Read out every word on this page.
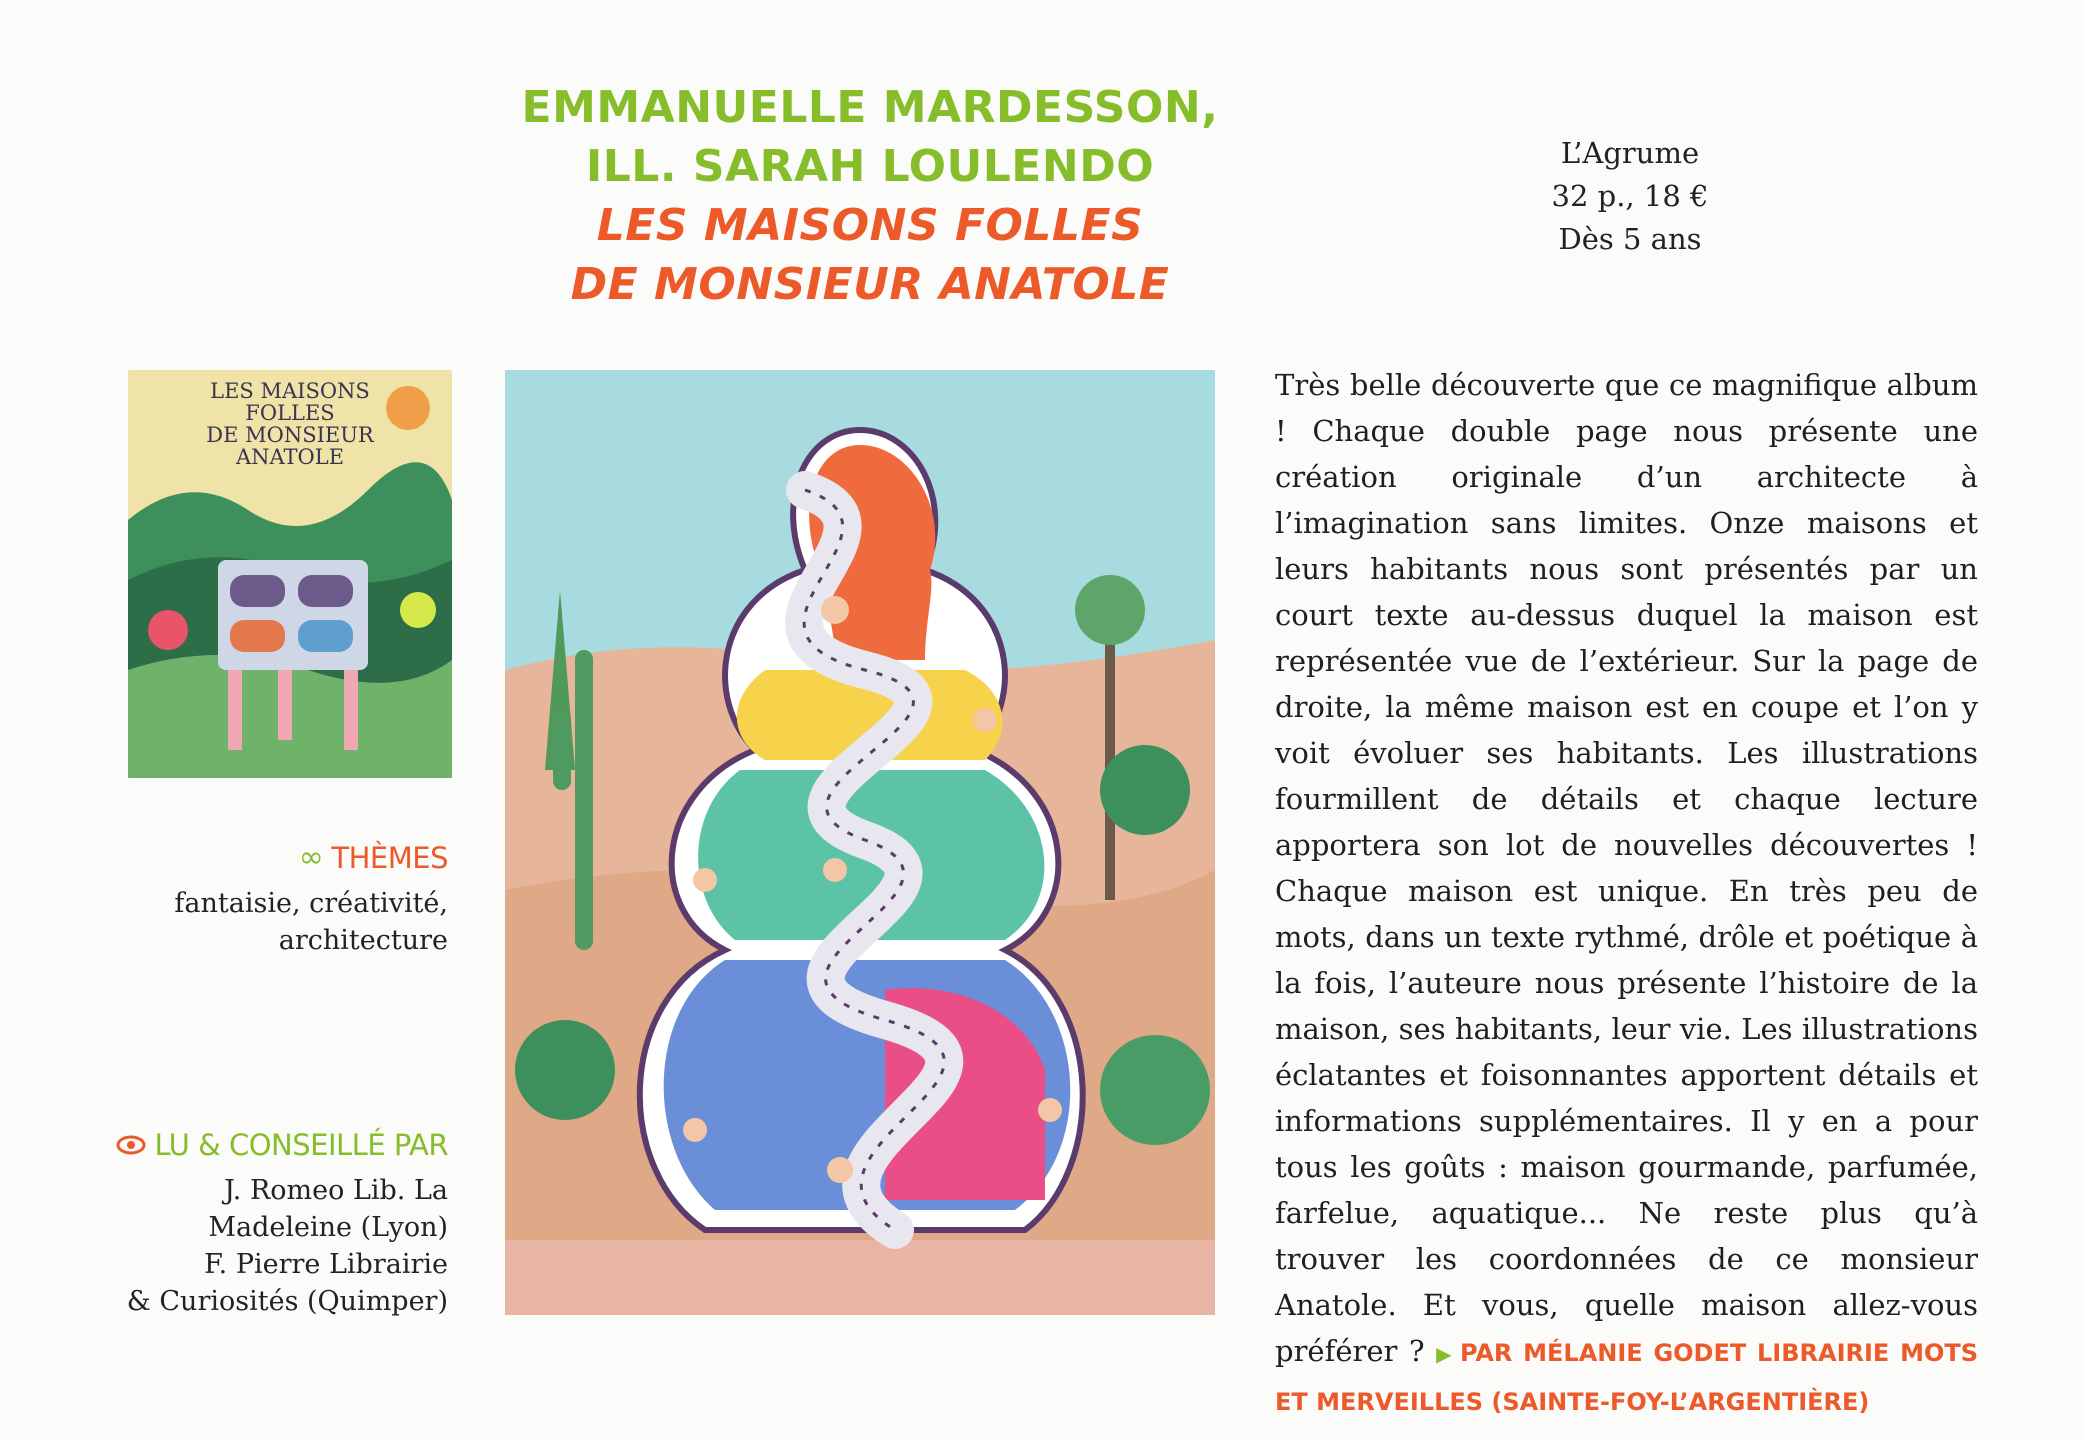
EMMANUELLE MARDESSON,
ILL. SARAH LOULENDO
LES MAISONS FOLLES
DE MONSIEUR ANATOLE
L’Agrume
32 p., 18 €
Dès 5 ans
LES MAISONS
FOLLES
DE MONSIEUR
ANATOLE
∞ THÈMES
fantaisie, créativité,
architecture
LU & CONSEILLÉ PAR
J. Romeo Lib. La
Madeleine (Lyon)
F. Pierre Librairie
& Curiosités (Quimper)
Très belle découverte que ce magnifique album ! Chaque double page nous présente une création originale d’un architecte à l’imagination sans limites. Onze maisons et leurs habitants nous sont présentés par un court texte au-dessus duquel la maison est représentée vue de l’extérieur. Sur la page de droite, la même maison est en coupe et l’on y voit évoluer ses habitants. Les illustrations fourmillent de détails et chaque lecture apportera son lot de nouvelles découvertes ! Chaque maison est unique. En très peu de mots, dans un texte rythmé, drôle et poétique à la fois, l’auteure nous présente l’histoire de la maison, ses habitants, leur vie. Les illustrations éclatantes et foisonnantes apportent détails et informations supplémentaires. Il y en a pour tous les goûts : maison gourmande, parfumée, farfelue, aquatique... Ne reste plus qu’à trouver les coordonnées de ce monsieur Anatole. Et vous, quelle maison allez-vous préférer ? ▶ PAR MÉLANIE GODET LIBRAIRIE MOTS ET MERVEILLES (SAINTE-FOY-L’ARGENTIÈRE)
